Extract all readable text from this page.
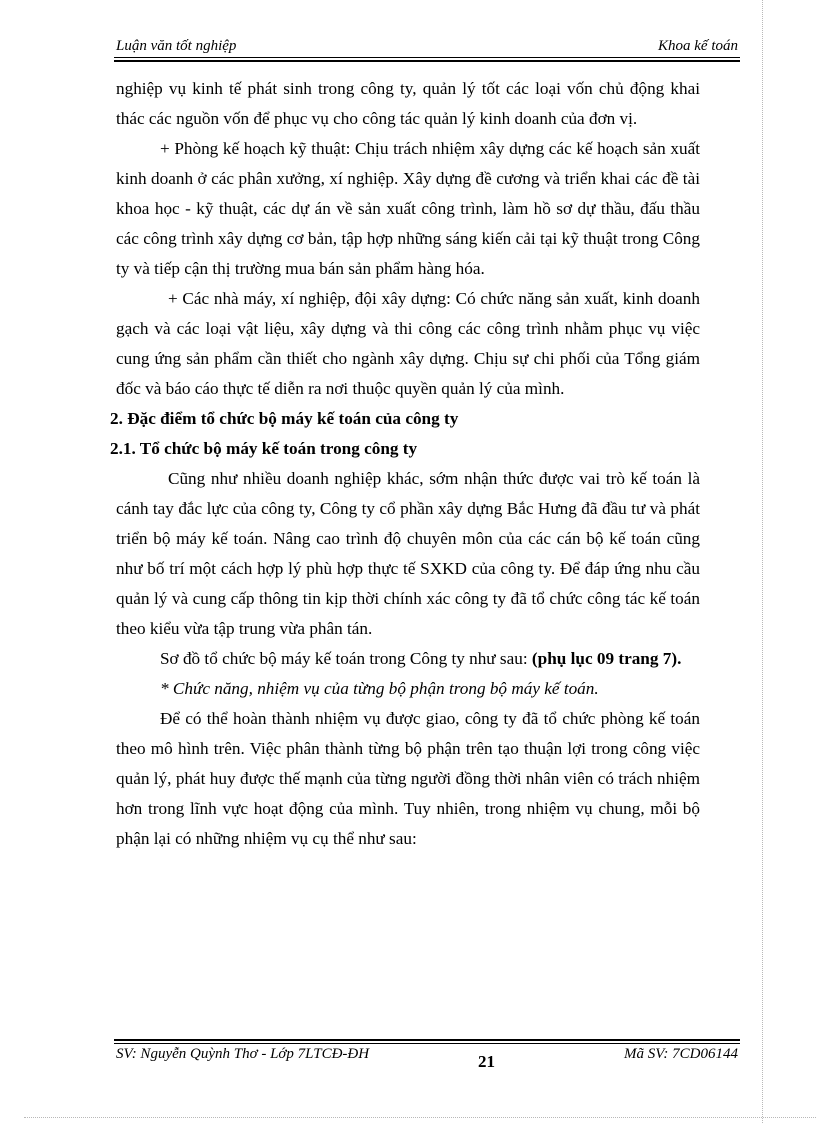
Luận văn tốt nghiệp	Khoa kế toán

nghiệp vụ kinh tế phát sinh trong công ty, quản lý tốt các loại vốn chủ động khai thác các nguồn vốn để phục vụ cho công tác quản lý kinh doanh của đơn vị.

+ Phòng kế hoạch kỹ thuật: Chịu trách nhiệm xây dựng các kế hoạch sản xuất kinh doanh ở các phân xưởng, xí nghiệp. Xây dựng đề cương và triển khai các đề tài khoa học - kỹ thuật, các dự án về sản xuất công trình, làm hồ sơ dự thầu, đấu thầu các công trình xây dựng cơ bản, tập hợp những sáng kiến cải tại kỹ thuật trong Công ty và tiếp cận thị trường mua bán sản phẩm hàng hóa.

+ Các nhà máy, xí nghiệp, đội xây dựng: Có chức năng sản xuất, kinh doanh gạch và các loại vật liệu, xây dựng và thi công các công trình nhằm phục vụ việc cung ứng sản phẩm cần thiết cho ngành xây dựng. Chịu sự chi phối của Tổng giám đốc và báo cáo thực tế diễn ra nơi thuộc quyền quản lý của mình.

2. Đặc điểm tổ chức bộ máy kế toán của công ty

2.1. Tổ chức bộ máy kế toán trong công ty

Cũng như nhiều doanh nghiệp khác, sớm nhận thức được vai trò kế toán là cánh tay đắc lực của công ty, Công ty cổ phần xây dựng Bắc Hưng đã đầu tư và phát triển bộ máy kế toán. Nâng cao trình độ chuyên môn của các cán bộ kế toán cũng như bố trí một cách hợp lý phù hợp thực tế SXKD của công ty. Để đáp ứng nhu cầu quản lý và cung cấp thông tin kịp thời chính xác công ty đã tổ chức công tác kế toán theo kiểu vừa tập trung vừa phân tán.

Sơ đồ tổ chức bộ máy kế toán trong Công ty như sau: (phụ lục 09 trang 7).

* Chức năng, nhiệm vụ của từng bộ phận trong bộ máy kế toán.

Để có thể hoàn thành nhiệm vụ được giao, công ty đã tổ chức phòng kế toán theo mô hình trên. Việc phân thành từng bộ phận trên tạo thuận lợi trong công việc quản lý, phát huy được thế mạnh của từng người đồng thời nhân viên có trách nhiệm hơn trong lĩnh vực hoạt động của mình. Tuy nhiên, trong nhiệm vụ chung, mỗi bộ phận lại có những nhiệm vụ cụ thể như sau:

SV: Nguyễn Quỳnh Thơ - Lớp 7LTCĐ-ĐH	21	Mã SV: 7CD06144
